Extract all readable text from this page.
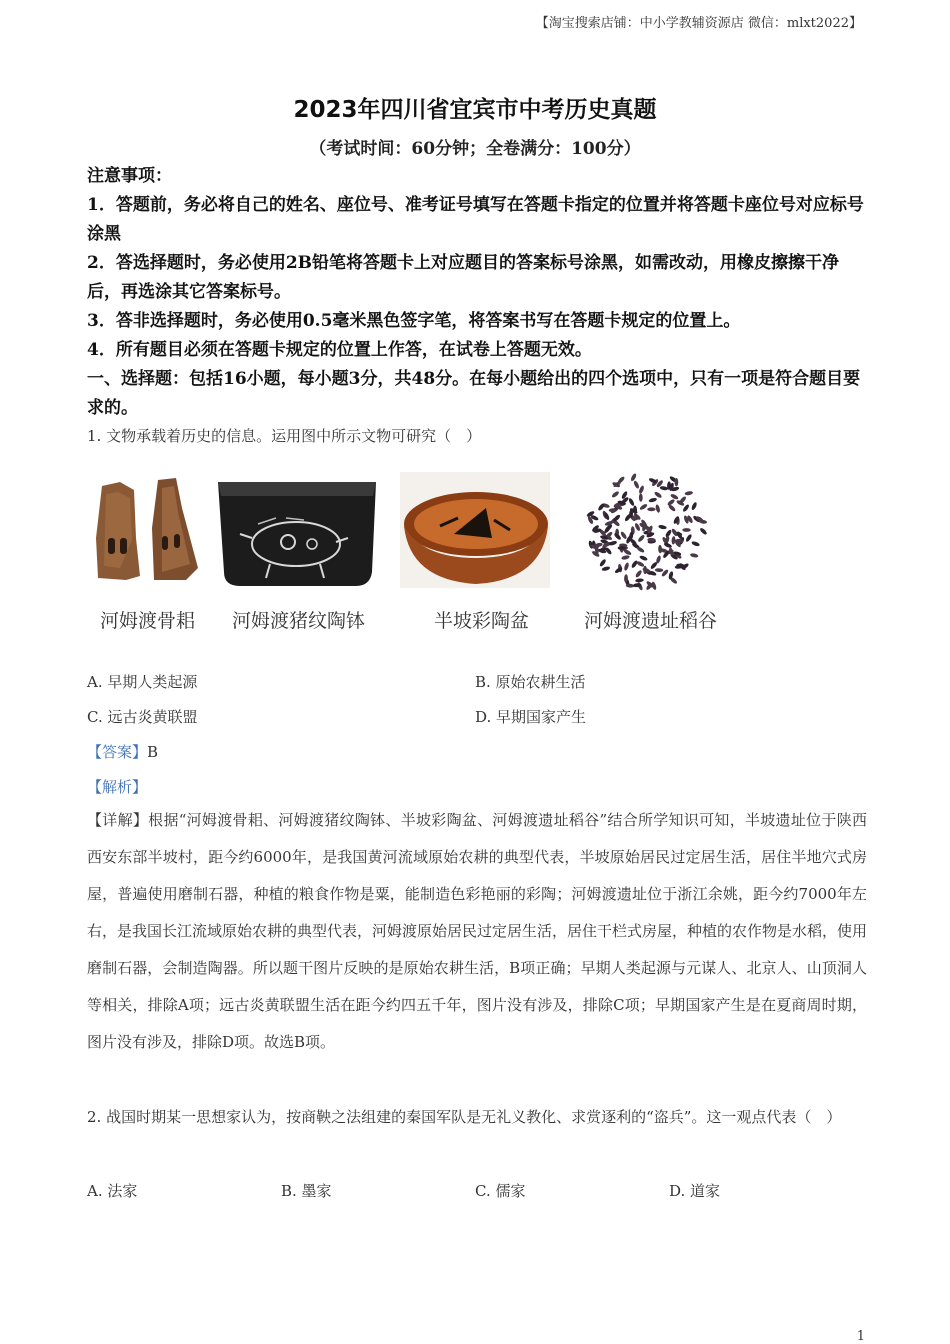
【淘宝搜索店铺：中小学教辅资源店 微信：mlxt2022】
2023年四川省宜宾市中考历史真题
（考试时间：60分钟；全卷满分：100分）
注意事项：
1．答题前，务必将自己的姓名、座位号、准考证号填写在答题卡指定的位置并将答题卡座位号对应标号涂黑
2．答选择题时，务必使用2B铅笔将答题卡上对应题目的答案标号涂黑，如需改动，用橡皮擦擦干净后，再选涂其它答案标号。
3．答非选择题时，务必使用0.5毫米黑色签字笔，将答案书写在答题卡规定的位置上。
4．所有题目必须在答题卡规定的位置上作答，在试卷上答题无效。
一、选择题：包括16小题，每小题3分，共48分。在每小题给出的四个选项中，只有一项是符合题目要求的。
1. 文物承载着历史的信息。运用图中所示文物可研究（　）
河姆渡骨耜 河姆渡猪纹陶钵	半坡彩陶盆	河姆渡遗址稻谷
A. 早期人类起源	B. 原始农耕生活
C. 远古炎黄联盟	D. 早期国家产生
【答案】B
【解析】
【详解】根据“河姆渡骨耜、河姆渡猪纹陶钵、半坡彩陶盆、河姆渡遗址稻谷”结合所学知识可知，半坡遗址位于陕西西安东部半坡村，距今约6000年，是我国黄河流域原始农耕的典型代表，半坡原始居民过定居生活，居住半地穴式房屋，普遍使用磨制石器，种植的粮食作物是粟，能制造色彩艳丽的彩陶；河姆渡遗址位于浙江余姚，距今约7000年左右，是我国长江流域原始农耕的典型代表，河姆渡原始居民过定居生活，居住干栏式房屋，种植的农作物是水稻，使用磨制石器，会制造陶器。所以题干图片反映的是原始农耕生活，B项正确；早期人类起源与元谋人、北京人、山顶洞人等相关，排除A项；远古炎黄联盟生活在距今约四五千年，图片没有涉及，排除C项；早期国家产生是在夏商周时期，图片没有涉及，排除D项。故选B项。
2. 战国时期某一思想家认为，按商鞅之法组建的秦国军队是无礼义教化、求赏逐利的“盗兵”。这一观点代表（　）
A. 法家	B. 墨家	C. 儒家	D. 道家
1
